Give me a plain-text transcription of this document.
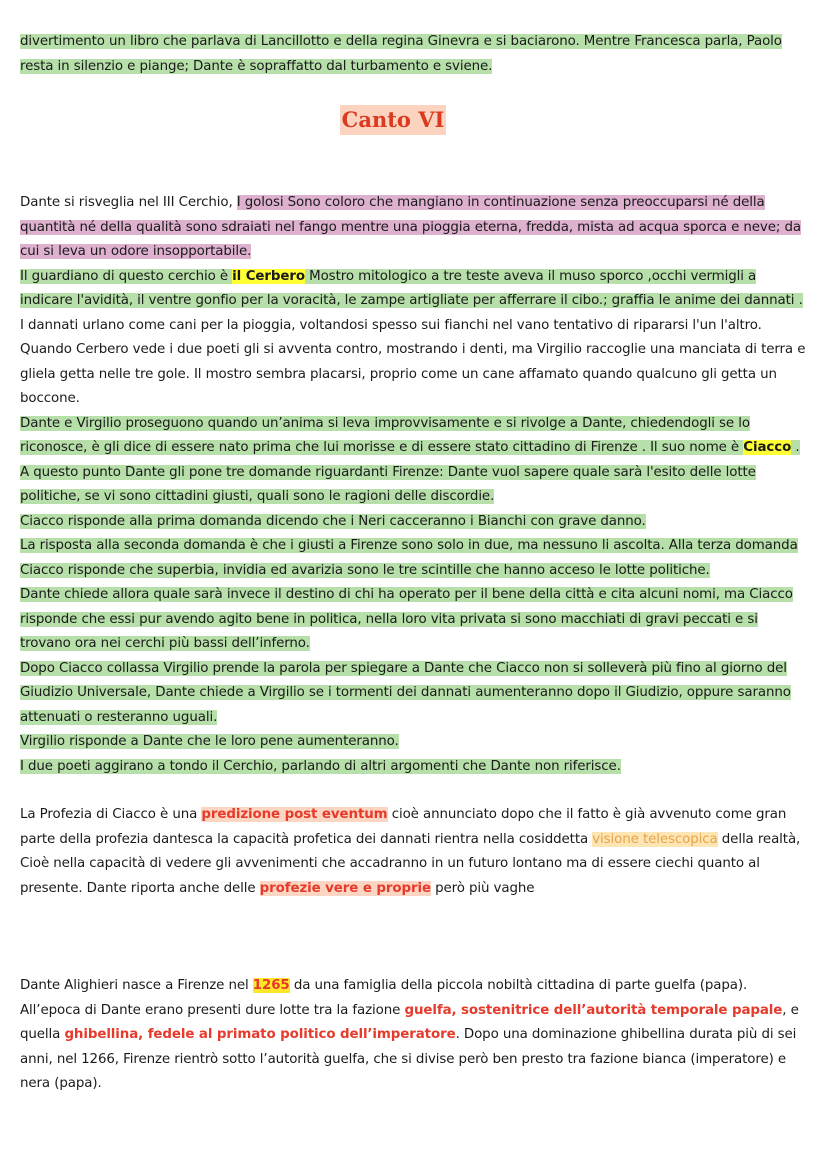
divertimento un libro che parlava di Lancillotto e della regina Ginevra e si baciarono. Mentre Francesca parla, Paolo resta in silenzio e piange; Dante è sopraffatto dal turbamento e sviene.

Canto VI

Dante si risveglia nel III Cerchio, I golosi Sono coloro che mangiano in continuazione senza preoccuparsi né della quantità né della qualità sono sdraiati nel fango mentre una pioggia eterna, fredda, mista ad acqua sporca e neve; da cui si leva un odore insopportabile.

Il guardiano di questo cerchio è il Cerbero Mostro mitologico a tre teste aveva il muso sporco ,occhi vermigli a indicare l'avidità, il ventre gonfio per la voracità, le zampe artigliate per afferrare il cibo.; graffia le anime dei dannati .

I dannati urlano come cani per la pioggia, voltandosi spesso sui fianchi nel vano tentativo di ripararsi l'un l'altro. Quando Cerbero vede i due poeti gli si avventa contro, mostrando i denti, ma Virgilio raccoglie una manciata di terra e gliela getta nelle tre gole. Il mostro sembra placarsi, proprio come un cane affamato quando qualcuno gli getta un boccone.

Dante e Virgilio proseguono quando un’anima si leva improvvisamente e si rivolge a Dante, chiedendogli se lo riconosce, è gli dice di essere nato prima che lui morisse e di essere stato cittadino di Firenze . Il suo nome è Ciacco .

A questo punto Dante gli pone tre domande riguardanti Firenze: Dante vuol sapere quale sarà l'esito delle lotte politiche, se vi sono cittadini giusti, quali sono le ragioni delle discordie.

Ciacco risponde alla prima domanda dicendo che i Neri cacceranno i Bianchi con grave danno.

La risposta alla seconda domanda è che i giusti a Firenze sono solo in due, ma nessuno li ascolta. Alla terza domanda Ciacco risponde che superbia, invidia ed avarizia sono le tre scintille che hanno acceso le lotte politiche.

Dante chiede allora quale sarà invece il destino di chi ha operato per il bene della città e cita alcuni nomi, ma Ciacco risponde che essi pur avendo agito bene in politica, nella loro vita privata si sono macchiati di gravi peccati e si trovano ora nei cerchi più bassi dell’inferno.

Dopo Ciacco collassa Virgilio prende la parola per spiegare a Dante che Ciacco non si solleverà più fino al giorno del Giudizio Universale, Dante chiede a Virgilio se i tormenti dei dannati aumenteranno dopo il Giudizio, oppure saranno attenuati o resteranno uguali.

Virgilio risponde a Dante che le loro pene aumenteranno.

I due poeti aggirano a tondo il Cerchio, parlando di altri argomenti che Dante non riferisce.

La Profezia di Ciacco è una predizione post eventum cioè annunciato dopo che il fatto è già avvenuto come gran parte della profezia dantesca la capacità profetica dei dannati rientra nella cosiddetta visione telescopica della realtà, Cioè nella capacità di vedere gli avvenimenti che accadranno in un futuro lontano ma di essere ciechi quanto al presente. Dante riporta anche delle profezie vere e proprie però più vaghe

Dante Alighieri nasce a Firenze nel 1265 da una famiglia della piccola nobiltà cittadina di parte guelfa (papa). All’epoca di Dante erano presenti dure lotte tra la fazione guelfa, sostenitrice dell’autorità temporale papale, e quella ghibellina, fedele al primato politico dell’imperatore. Dopo una dominazione ghibellina durata più di sei anni, nel 1266, Firenze rientrò sotto l’autorità guelfa, che si divise però ben presto tra fazione bianca (imperatore) e nera (papa).
